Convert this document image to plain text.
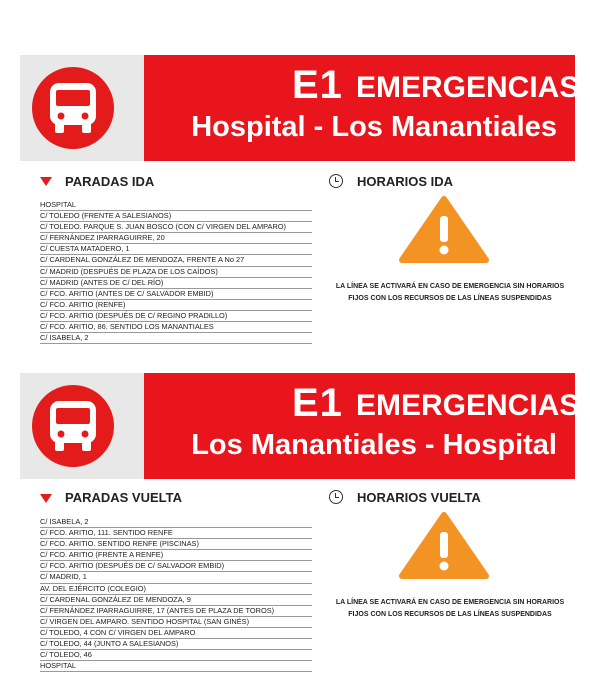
E1 EMERGENCIAS
Hospital - Los Manantiales
PARADAS IDA	HORARIOS IDA
HOSPITAL
C/ TOLEDO (FRENTE A SALESIANOS)
C/ TOLEDO. PARQUE S. JUAN BOSCO (CON C/ VIRGEN DEL AMPARO)
C/ FERNÁNDEZ IPARRAGUIRRE, 20
C/ CUESTA MATADERO, 1
C/ CARDENAL GONZÁLEZ DE MENDOZA, FRENTE A No 27
C/ MADRID (DESPUÉS DE PLAZA DE LOS CAÍDOS)
C/ MADRID (ANTES DE C/ DEL RÍO)
C/ FCO. ARITIO (ANTES DE C/ SALVADOR EMBID)
C/ FCO. ARITIO (RENFE)
C/ FCO. ARITIO (DESPUÉS DE C/ REGINO PRADILLO)
C/ FCO. ARITIO, 86. SENTIDO LOS MANANTIALES
C/ ISABELA, 2
LA LÍNEA SE ACTIVARÁ EN CASO DE EMERGENCIA SIN HORARIOS
FIJOS CON LOS RECURSOS DE LAS LÍNEAS SUSPENDIDAS
E1 EMERGENCIAS
Los Manantiales - Hospital
PARADAS VUELTA	HORARIOS VUELTA
C/ ISABELA, 2
C/ FCO. ARITIO, 111. SENTIDO RENFE
C/ FCO. ARITIO. SENTIDO RENFE (PISCINAS)
C/ FCO. ARITIO (FRENTE A RENFE)
C/ FCO. ARITIO (DESPUÉS DE C/ SALVADOR EMBID)
C/ MADRID, 1
AV. DEL EJÉRCITO (COLEGIO)
C/ CARDENAL GONZÁLEZ DE MENDOZA, 9
C/ FERNÁNDEZ IPARRAGUIRRE, 17 (ANTES DE PLAZA DE TOROS)
C/ VIRGEN DEL AMPARO. SENTIDO HOSPITAL (SAN GINÉS)
C/ TOLEDO, 4 CON C/ VIRGEN DEL AMPARO
C/ TOLEDO, 44 (JUNTO A SALESIANOS)
C/ TOLEDO, 46
HOSPITAL
LA LÍNEA SE ACTIVARÁ EN CASO DE EMERGENCIA SIN HORARIOS
FIJOS CON LOS RECURSOS DE LAS LÍNEAS SUSPENDIDAS
